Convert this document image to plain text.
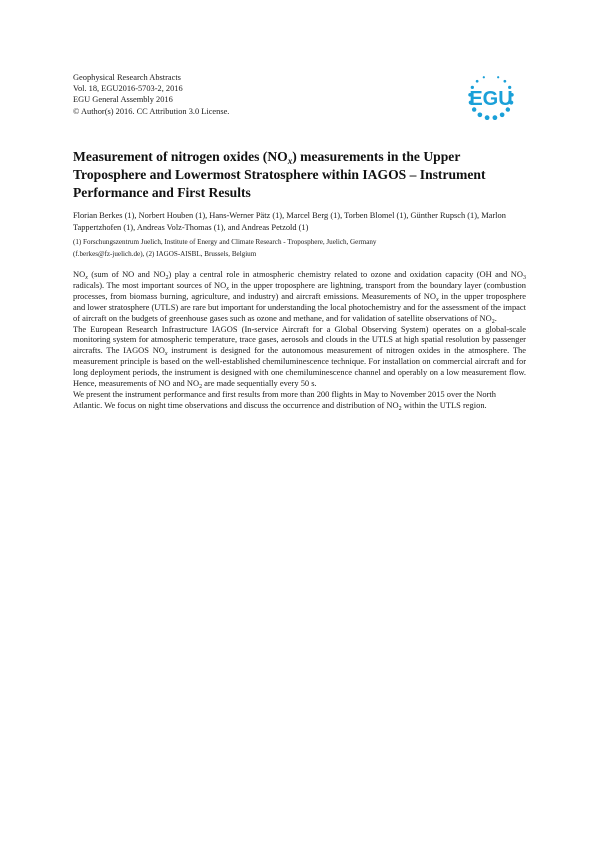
Geophysical Research Abstracts
Vol. 18, EGU2016-5703-2, 2016
EGU General Assembly 2016
© Author(s) 2016. CC Attribution 3.0 License.
EGU
Measurement of nitrogen oxides $(NO_x)$ measurements in the Upper Troposphere and Lowermost Stratosphere within IAGOS – Instrument Performance and First Results
Florian Berkes (1), Norbert Houben (1), Hans-Werner Pätz (1), Marcel Berg (1), Torben Blomel (1), Günther Rupsch (1), Marlon Tappertzhofen (1), Andreas Volz-Thomas (1), and Andreas Petzold (1)
(1) Forschungszentrum Juelich, Institute of Energy and Climate Research - Troposphere, Juelich, Germany
(f.berkes@fz-juelich.de), (2) IAGOS-AISBL, Brussels, Belgium

$NO_x$ (sum of NO and $NO_2$) play a central role in atmospheric chemistry related to ozone and oxidation capacity (OH and $NO_3$ radicals). The most important sources of $NO_x$ in the upper troposphere are lightning, transport from the boundary layer (combustion processes, from biomass burning, agriculture, and industry) and aircraft emissions. Measurements of $NO_x$ in the upper troposphere and lower stratosphere (UTLS) are rare but important for understanding the local photochemistry and for the assessment of the impact of aircraft on the budgets of greenhouse gases such as ozone and methane, and for validation of satellite observations of $NO_2$.

The European Research Infrastructure IAGOS (In-service Aircraft for a Global Observing System) operates on a global-scale monitoring system for atmospheric temperature, trace gases, aerosols and clouds in the UTLS at high spatial resolution by passenger aircrafts. The IAGOS $NO_x$ instrument is designed for the autonomous measurement of nitrogen oxides in the atmosphere. The measurement principle is based on the well-established chemiluminescence technique. For installation on commercial aircraft and for long deployment periods, the instrument is designed with one chemiluminescence channel and operably on a low measurement flow. Hence, measurements of NO and $NO_2$ are made sequentially every 50 s.

We present the instrument performance and first results from more than 200 flights in May to November 2015 over the North Atlantic. We focus on night time observations and discuss the occurrence and distribution of $NO_2$ within the UTLS region.
